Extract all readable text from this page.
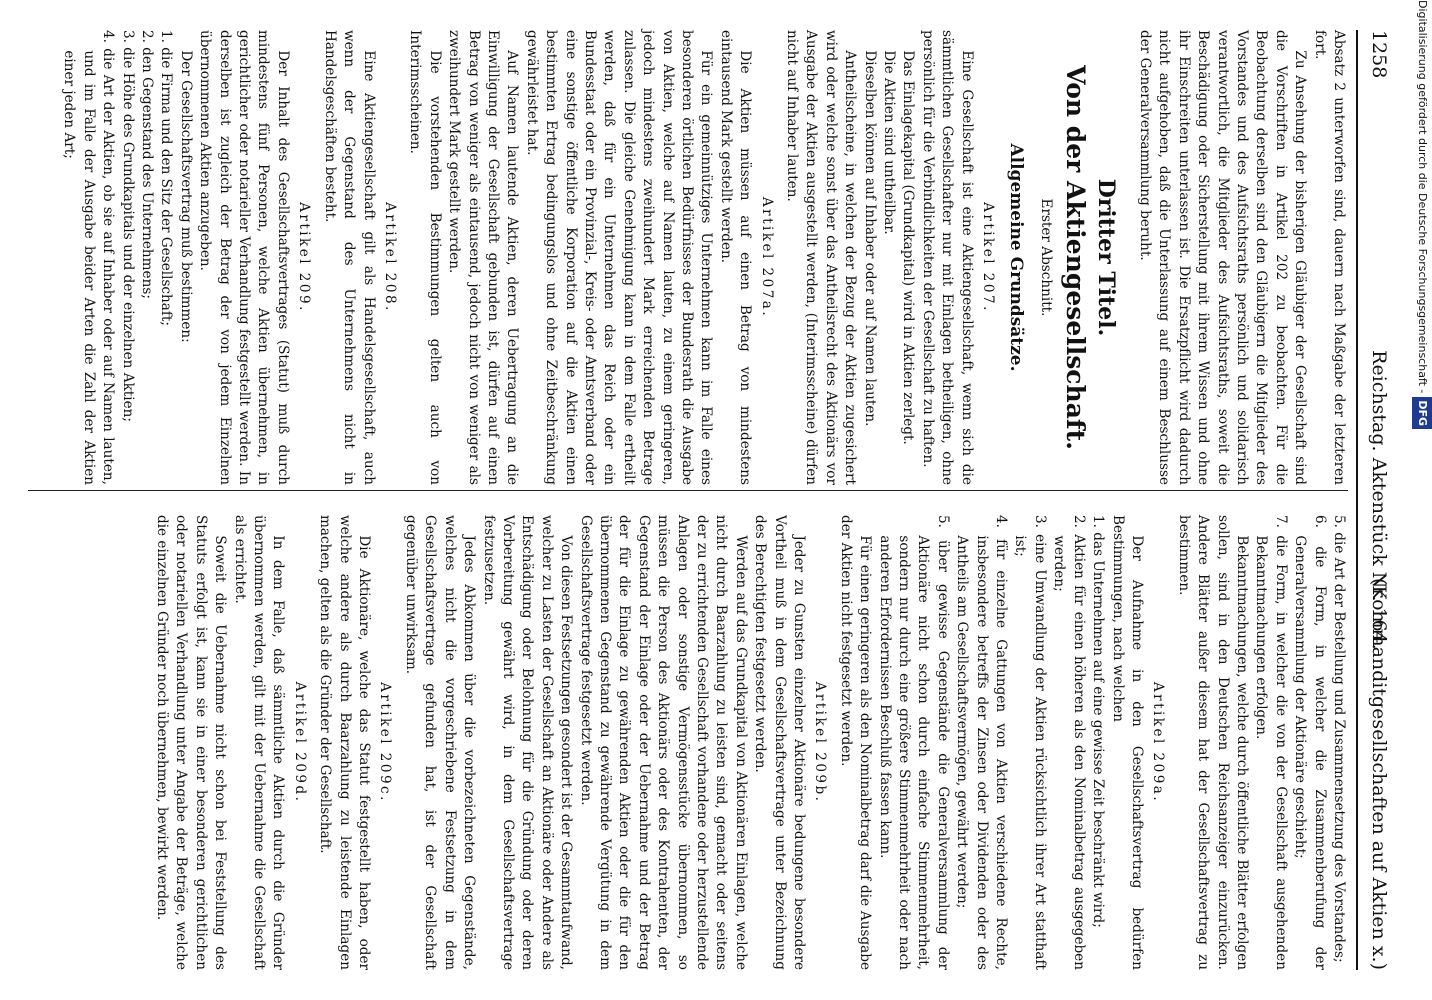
1258
Reichstag. Aktenstück Nr. 164.
(Kommanditgesellschaften auf Aktien x.)

Absatz 2 unterworfen sind, dauern nach Maßgabe der letzteren fort.

Zu Ansehung der bisherigen Gläubiger der Gesellschaft sind die Vorschriften in Artikel 202 zu beobachten. Für die Beobachtung derselben sind den Gläubigern die Mitglieder des Vorstandes und des Aufsichtsraths persönlich und solidarisch verantwortlich, die Mitglieder des Aufsichtsraths, soweit die Beschädigung oder Sicherstellung mit ihrem Wissen und ohne ihr Einschreiten unterlassen ist. Die Ersatzpflicht wird dadurch nicht aufgehoben, daß die Unterlassung auf einem Beschlusse der Generalversammlung beruht.

Dritter Titel.

Von der Aktiengesellschaft.

Erster Abschnitt.

Allgemeine Grundsätze.

Artikel 207.

Eine Gesellschaft ist eine Aktiengesellschaft, wenn sich die sämmtlichen Gesellschafter nur mit Einlagen betheiligen, ohne persönlich für die Verbindlichkeiten der Gesellschaft zu haften.

Das Einlagekapital (Grundkapital) wird in Aktien zerlegt.

Die Aktien sind untheilbar.

Dieselben können auf Inhaber oder auf Namen lauten.

Antheilscheine, in welchen der Bezug der Aktien zugesichert wird oder welche sonst über das Antheilsrecht des Aktionärs vor Ausgabe der Aktien ausgestellt werden, (Interimsscheine) dürfen nicht auf Inhaber lauten.

Artikel 207a.

Die Aktien müssen auf einen Betrag von mindestens eintausend Mark gestellt werden.

Für ein gemeinnütziges Unternehmen kann im Falle eines besonderen örtlichen Bedürfnisses der Bundesrath die Ausgabe von Aktien, welche auf Namen lauten, zu einem geringeren, jedoch mindestens zweihundert Mark erreichenden Betrage zulassen. Die gleiche Genehmigung kann in dem Falle ertheilt werden, daß für ein Unternehmen das Reich oder ein Bundesstaat oder ein Provinzial-, Kreis- oder Amtsverband oder eine sonstige öffentliche Korporation auf die Aktien einen bestimmten Ertrag bedingungslos und ohne Zeitbeschränkung gewährleistet hat.

Auf Namen lautende Aktien, deren Uebertragung an die Einwilligung der Gesellschaft gebunden ist, dürfen auf einen Betrag von weniger als eintausend, jedoch nicht von weniger als zweihundert Mark gestellt werden.

Die vorstehenden Bestimmungen gelten auch von Interimsscheinen.

Artikel 208.

Eine Aktiengesellschaft gilt als Handelsgesellschaft, auch wenn der Gegenstand des Unternehmens nicht in Handelsgeschäften besteht.

Artikel 209.

Der Inhalt des Gesellschaftsvertrages (Statut) muß durch mindestens fünf Personen, welche Aktien übernehmen, in gerichtlicher oder notarieller Verhandlung festgestellt werden. In derselben ist zugleich der Betrag der von jedem Einzelnen übernommenen Aktien anzugeben.

Der Gesellschaftsvertrag muß bestimmen:

1. die Firma und den Sitz der Gesellschaft;

2. den Gegenstand des Unternehmens;

3. die Höhe des Grundkapitals und der einzelnen Aktien;

4. die Art der Aktien, ob sie auf Inhaber oder auf Namen lauten, und im Falle der Ausgabe beider Arten die Zahl der Aktien einer jeden Art;

5. die Art der Bestellung und Zusammensetzung des Vorstandes;

6. die Form, in welcher die Zusammenberufung der Generalversammlung der Aktionäre geschieht;

7. die Form, in welcher die von der Gesellschaft ausgehenden Bekanntmachungen erfolgen.

Bekanntmachungen, welche durch öffentliche Blätter erfolgen sollen, sind in den Deutschen Reichsanzeiger einzurücken. Andere Blätter außer diesem hat der Gesellschaftsvertrag zu bestimmen.

Artikel 209a.

Der Aufnahme in den Gesellschaftsvertrag bedürfen Bestimmungen, nach welchen

1. das Unternehmen auf eine gewisse Zeit beschränkt wird;

2. Aktien für einen höheren als den Nominalbetrag ausgegeben werden;

3. eine Umwandlung der Aktien rücksichtlich ihrer Art statthaft ist;

4. für einzelne Gattungen von Aktien verschiedene Rechte, insbesondere betreffs der Zinsen oder Dividenden oder des Antheils am Gesellschaftsvermögen, gewährt werden;

5. über gewisse Gegenstände die Generalversammlung der Aktionäre nicht schon durch einfache Stimmenmehrheit, sondern nur durch eine größere Stimmenmehrheit oder nach anderen Erfordernissen Beschluß fassen kann.

Für einen geringeren als den Nominalbetrag darf die Ausgabe der Aktien nicht festgesetzt werden.

Artikel 209b.

Jeder zu Gunsten einzelner Aktionäre bedungene besondere Vortheil muß in dem Gesellschaftsvertrage unter Bezeichnung des Berechtigten festgesetzt werden.

Werden auf das Grundkapital von Aktionären Einlagen, welche nicht durch Baarzahlung zu leisten sind, gemacht oder seitens der zu errichtenden Gesellschaft vorhandene oder herzustellende Anlagen oder sonstige Vermögensstücke übernommen, so müssen die Person des Aktionärs oder des Kontrahenten, der Gegenstand der Einlage oder der Uebernahme und der Betrag der für die Einlage zu gewährenden Aktien oder die für den übernommenen Gegenstand zu gewährende Vergütung in dem Gesellschaftsvertrage festgesetzt werden.

Von diesen Festsetzungen gesondert ist der Gesammtaufwand, welcher zu Lasten der Gesellschaft an Aktionäre oder Andere als Entschädigung oder Belohnung für die Gründung oder deren Vorbereitung gewährt wird, in dem Gesellschaftsvertrage festzusetzen.

Jedes Abkommen über die vorbezeichneten Gegenstände, welches nicht die vorgeschriebene Festsetzung in dem Gesellschaftsvertrage gefunden hat, ist der Gesellschaft gegenüber unwirksam.

Artikel 209c.

Die Aktionäre, welche das Statut festgestellt haben, oder welche andere als durch Baarzahlung zu leistende Einlagen machen, gelten als die Gründer der Gesellschaft.

Artikel 209d.

In dem Falle, daß sämmtliche Aktien durch die Gründer übernommen werden, gilt mit der Uebernahme die Gesellschaft als errichtet.

Soweit die Uebernahme nicht schon bei Feststellung des Statuts erfolgt ist, kann sie in einer besonderen gerichtlichen oder notariellen Verhandlung unter Angabe der Beträge, welche die einzelnen Gründer noch übernehmen, bewirkt werden.

Digitalisierung gefördert durch die Deutsche Forschungsgemeinschaft -DFG
